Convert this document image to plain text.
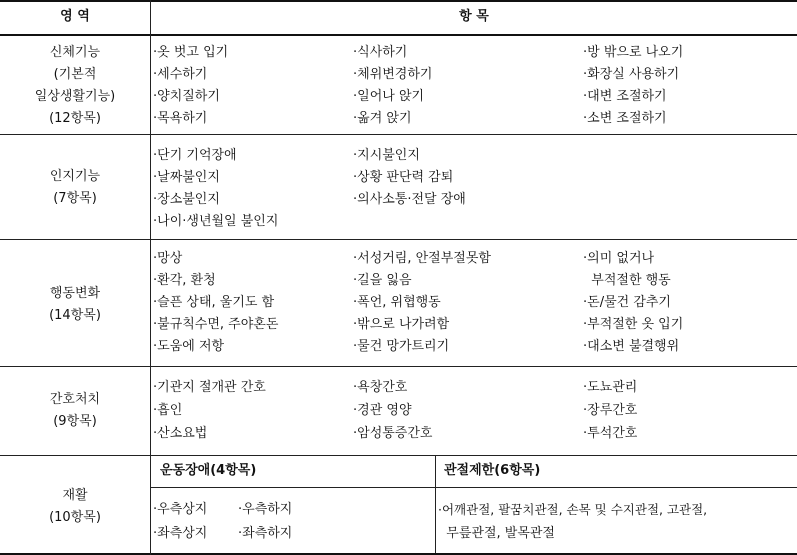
영 역	항 목
신체기능
(기본적
일상생활기능)
(12항목)
·옷 벗고 입기
·세수하기
·양치질하기
·목욕하기
·식사하기
·체위변경하기
·일어나 앉기
·옮겨 앉기
·방 밖으로 나오기
·화장실 사용하기
·대변 조절하기
·소변 조절하기
인지기능
(7항목)
·단기 기억장애
·날짜불인지
·장소불인지
·나이·생년월일 불인지
·지시불인지
·상황 판단력 감퇴
·의사소통·전달 장애
행동변화
(14항목)
·망상
·환각, 환청
·슬픈 상태, 울기도 함
·불규칙수면, 주야혼돈
·도움에 저항
·서성거림, 안절부절못함
·길을 잃음
·폭언, 위협행동
·밖으로 나가려함
·물건 망가트리기
·의미 없거나
부적절한 행동
·돈/물건 감추기
·부적절한 옷 입기
·대소변 불결행위
간호처치
(9항목)
·기관지 절개관 간호
·흡인
·산소요법
·욕창간호
·경관 영양
·암성통증간호
·도뇨관리
·장루간호
·투석간호
재활
(10항목)
운동장애(4항목)	관절제한(6항목)
·우측상지 ·우측하지
·좌측상지 ·좌측하지
·어깨관절, 팔꿈치관절, 손목 및 수지관절, 고관절,
무릎관절, 발목관절
